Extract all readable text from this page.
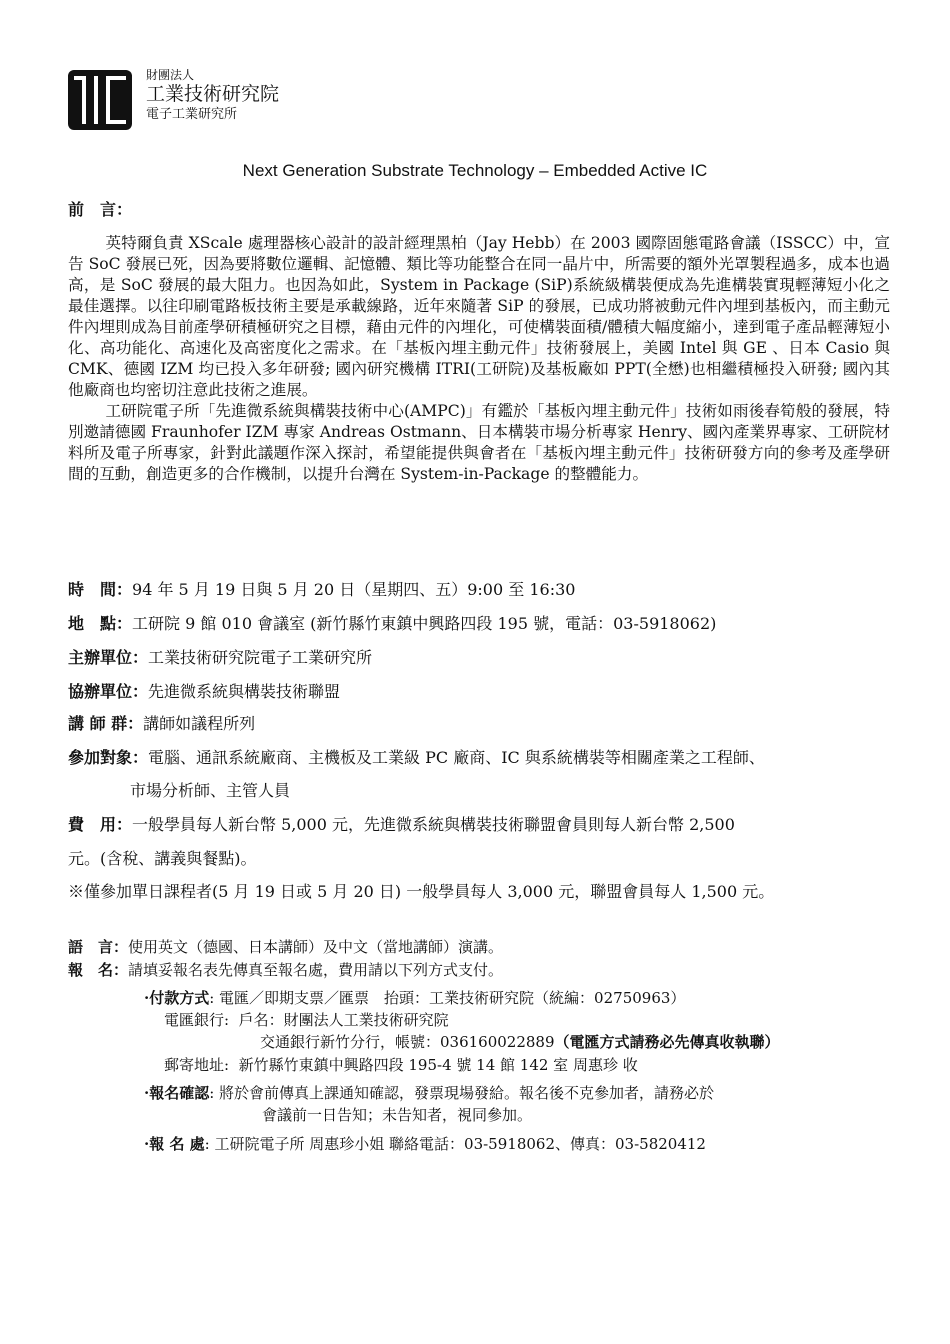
財團法人
工業技術研究院
電子工業研究所
Next Generation Substrate Technology – Embedded Active IC
前　言：

英特爾負責 XScale 處理器核心設計的設計經理黑柏（Jay Hebb）在 2003 國際固態電路會議（ISSCC）中，宣告 SoC 發展已死，因為要將數位邏輯、記憶體、類比等功能整合在同一晶片中，所需要的額外光罩製程過多，成本也過高，是 SoC 發展的最大阻力。也因為如此，System in Package (SiP)系統級構裝便成為先進構裝實現輕薄短小化之最佳選擇。以往印刷電路板技術主要是承載線路，近年來隨著 SiP 的發展，已成功將被動元件內埋到基板內，而主動元件內埋則成為目前產學研積極研究之目標，藉由元件的內埋化，可使構裝面積/體積大幅度縮小，達到電子產品輕薄短小化、高功能化、高速化及高密度化之需求。在「基板內埋主動元件」技術發展上，美國 Intel 與 GE 、日本 Casio 與 CMK、德國 IZM 均已投入多年研發; 國內研究機構 ITRI(工研院)及基板廠如 PPT(全懋)也相繼積極投入研發; 國內其他廠商也均密切注意此技術之進展。

工研院電子所「先進微系統與構裝技術中心(AMPC)」有鑑於「基板內埋主動元件」技術如雨後春筍般的發展，特別邀請德國 Fraunhofer IZM 專家 Andreas Ostmann、日本構裝市場分析專家 Henry、國內產業界專家、工研院材料所及電子所專家，針對此議題作深入探討，希望能提供與會者在「基板內埋主動元件」技術研發方向的參考及產學研間的互動，創造更多的合作機制，以提升台灣在 System-in-Package 的整體能力。

時　間：94 年 5 月 19 日與 5 月 20 日（星期四、五）9:00 至 16:30
地　點：工研院 9 館 010 會議室 (新竹縣竹東鎮中興路四段 195 號，電話：03-5918062)
主辦單位：工業技術研究院電子工業研究所
協辦單位：先進微系統與構裝技術聯盟
講 師 群：講師如議程所列
參加對象：電腦、通訊系統廠商、主機板及工業級 PC 廠商、IC 與系統構裝等相關產業之工程師、
市場分析師、主管人員
費　用：一般學員每人新台幣 5,000 元，先進微系統與構裝技術聯盟會員則每人新台幣 2,500
元。(含稅、講義與餐點)。
※僅參加單日課程者(5 月 19 日或 5 月 20 日) 一般學員每人 3,000 元，聯盟會員每人 1,500 元。
語　言：使用英文（德國、日本講師）及中文（當地講師）演講。
報　名：請填妥報名表先傳真至報名處，費用請以下列方式支付。
·付款方式: 電匯／即期支票／匯票　抬頭：工業技術研究院（統編：02750963）
電匯銀行: 戶名：財團法人工業技術研究院
交通銀行新竹分行，帳號：036160022889（電匯方式請務必先傳真收執聯）
郵寄地址: 新竹縣竹東鎮中興路四段 195-4 號 14 館 142 室 周惠珍 收
·報名確認: 將於會前傳真上課通知確認，發票現場發給。報名後不克參加者，請務必於
會議前一日告知；未告知者，視同參加。
·報 名 處: 工研院電子所 周惠珍小姐 聯絡電話：03-5918062、傳真：03-5820412
